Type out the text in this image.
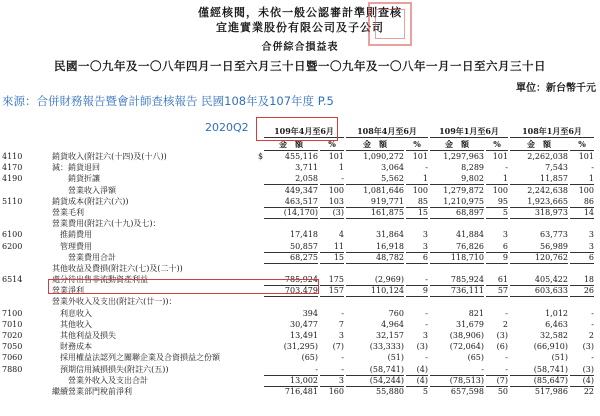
僅經核閱，未依一般公認審計準則查核
宜進實業股份有限公司及子公司
合併綜合損益表
民國一〇九年及一〇八年四月一日至六月三十日暨一〇九年及一〇八年一月一日至六月三十日
單位：新台幣千元
來源：合併財務報告暨會計師查核報告 民國108年及107年度 P.5
2020Q2	109年4月至6月	108年4月至6月	109年1月至6月	108年1月至6月
金　額	%	金　額	%	金　額	%	金　額	%
4110	銷貨收入(附註六(十四)及(十八))	$	455,116	101	1,090,272	101	1,297,963	101	2,262,038	101
4170	減：銷貨退回	3,711	1	3,064	-	8,289	-	7,543	-
4190	　　銷貨折讓	2,058	-	5,562	1	9,802	1	11,857	1
　　營業收入淨額	449,347	100	1,081,646	100	1,279,872	100	2,242,638	100
5110	銷貨成本(附註六(六))	463,517	103	919,771	85	1,210,975	95	1,923,665	86
營業毛利	(14,170)	(3)	161,875	15	68,897	5	318,973	14
營業費用(附註六(十九)及七)：
6100	　推銷費用	17,418	4	31,864	3	41,884	3	63,773	3
6200	　管理費用	50,857	11	16,918	3	76,826	6	56,989	3
　　營業費用合計	68,275	15	48,782	6	118,710	9	120,762	6
其他收益及費損(附註六(七)及(二十))
6514	處分待出售非流動資產利益	785,924	175	(2,969)	-	785,924	61	405,422	18
營業淨利	703,479	157	110,124	9	736,111	57	603,633	26
營業外收入及支出(附註六(廿一))：
7100	　利息收入	394	-	760	-	821	-	1,012	-
7010	　其他收入	30,477	7	4,964	-	31,679	2	6,463	-
7020	　其他利益及損失	13,491	3	32,157	3	(38,906)	(3)	32,582	2
7050	　財務成本	(31,295)	(7)	(33,333)	(3)	(72,064)	(6)	(66,910)	(3)
7060	　採用權益法認列之關聯企業及合資損益之份額	(65)	-	(51)	-	(65)	-	(51)	-
7880	　預期信用減損損失(附註六(五))	-	-	(58,741)	(4)	-	-	(58,741)	(3)
　　營業外收入及支出合計	13,002	3	(54,244)	(4)	(78,513)	(7)	(85,647)	(4)
繼續營業部門稅前淨利	716,481	160	55,880	5	657,598	50	517,986	22
